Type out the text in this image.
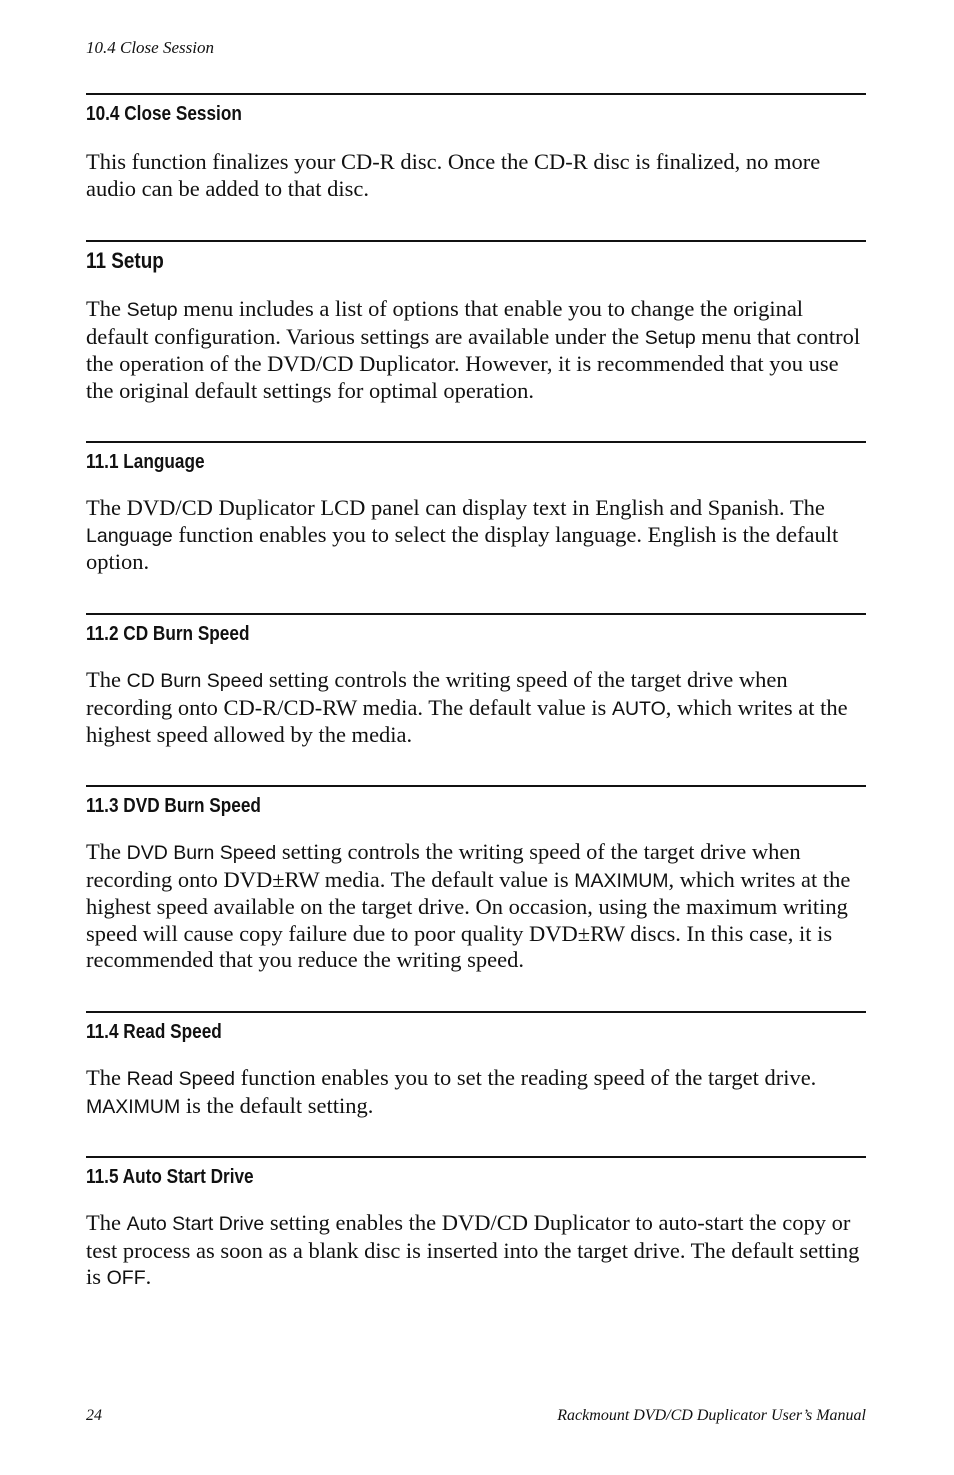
10.4 Close Session
10.4 Close Session

This function finalizes your CD-R disc. Once the CD-R disc is finalized, no more audio can be added to that disc.

11 Setup

The Setup menu includes a list of options that enable you to change the original default configuration. Various settings are available under the Setup menu that control the operation of the DVD/CD Duplicator. However, it is recommended that you use the original default settings for optimal operation.

11.1 Language

The DVD/CD Duplicator LCD panel can display text in English and Spanish. The Language function enables you to select the display language. English is the default option.

11.2 CD Burn Speed

The CD Burn Speed setting controls the writing speed of the target drive when recording onto CD-R/CD-RW media. The default value is AUTO, which writes at the highest speed allowed by the media.

11.3 DVD Burn Speed

The DVD Burn Speed setting controls the writing speed of the target drive when recording onto DVD±RW media. The default value is MAXIMUM, which writes at the highest speed available on the target drive. On occasion, using the maximum writing speed will cause copy failure due to poor quality DVD±RW discs. In this case, it is recommended that you reduce the writing speed.

11.4 Read Speed

The Read Speed function enables you to set the reading speed of the target drive. MAXIMUM is the default setting.

11.5 Auto Start Drive

The Auto Start Drive setting enables the DVD/CD Duplicator to auto-start the copy or test process as soon as a blank disc is inserted into the target drive. The default setting is OFF.

24	Rackmount DVD/CD Duplicator User’s Manual
